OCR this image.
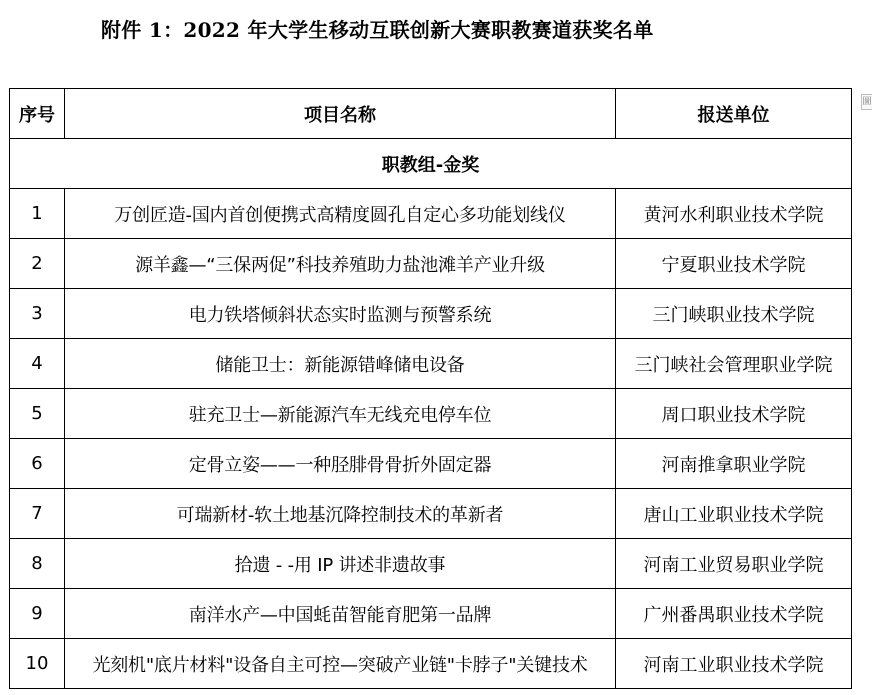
附件 1：2022 年大学生移动互联创新大赛职教赛道获奖名单
序号	项目名称	报送单位
职教组-金奖		
1	万创匠造-国内首创便携式高精度圆孔自定心多功能划线仪	黄河水利职业技术学院
2	源羊鑫—“三保两促”科技养殖助力盐池滩羊产业升级	宁夏职业技术学院
3	电力铁塔倾斜状态实时监测与预警系统	三门峡职业技术学院
4	储能卫士：新能源错峰储电设备	三门峡社会管理职业学院
5	驻充卫士—新能源汽车无线充电停车位	周口职业技术学院
6	定骨立姿——一种胫腓骨骨折外固定器	河南推拿职业学院
7	可瑞新材-软土地基沉降控制技术的革新者	唐山工业职业技术学院
8	拾遗 - -用 IP 讲述非遗故事	河南工业贸易职业学院
9	南洋水产—中国蚝苗智能育肥第一品牌	广州番禺职业技术学院
10	光刻机"底片材料"设备自主可控—突破产业链"卡脖子"关键技术	河南工业职业技术学院
圖
